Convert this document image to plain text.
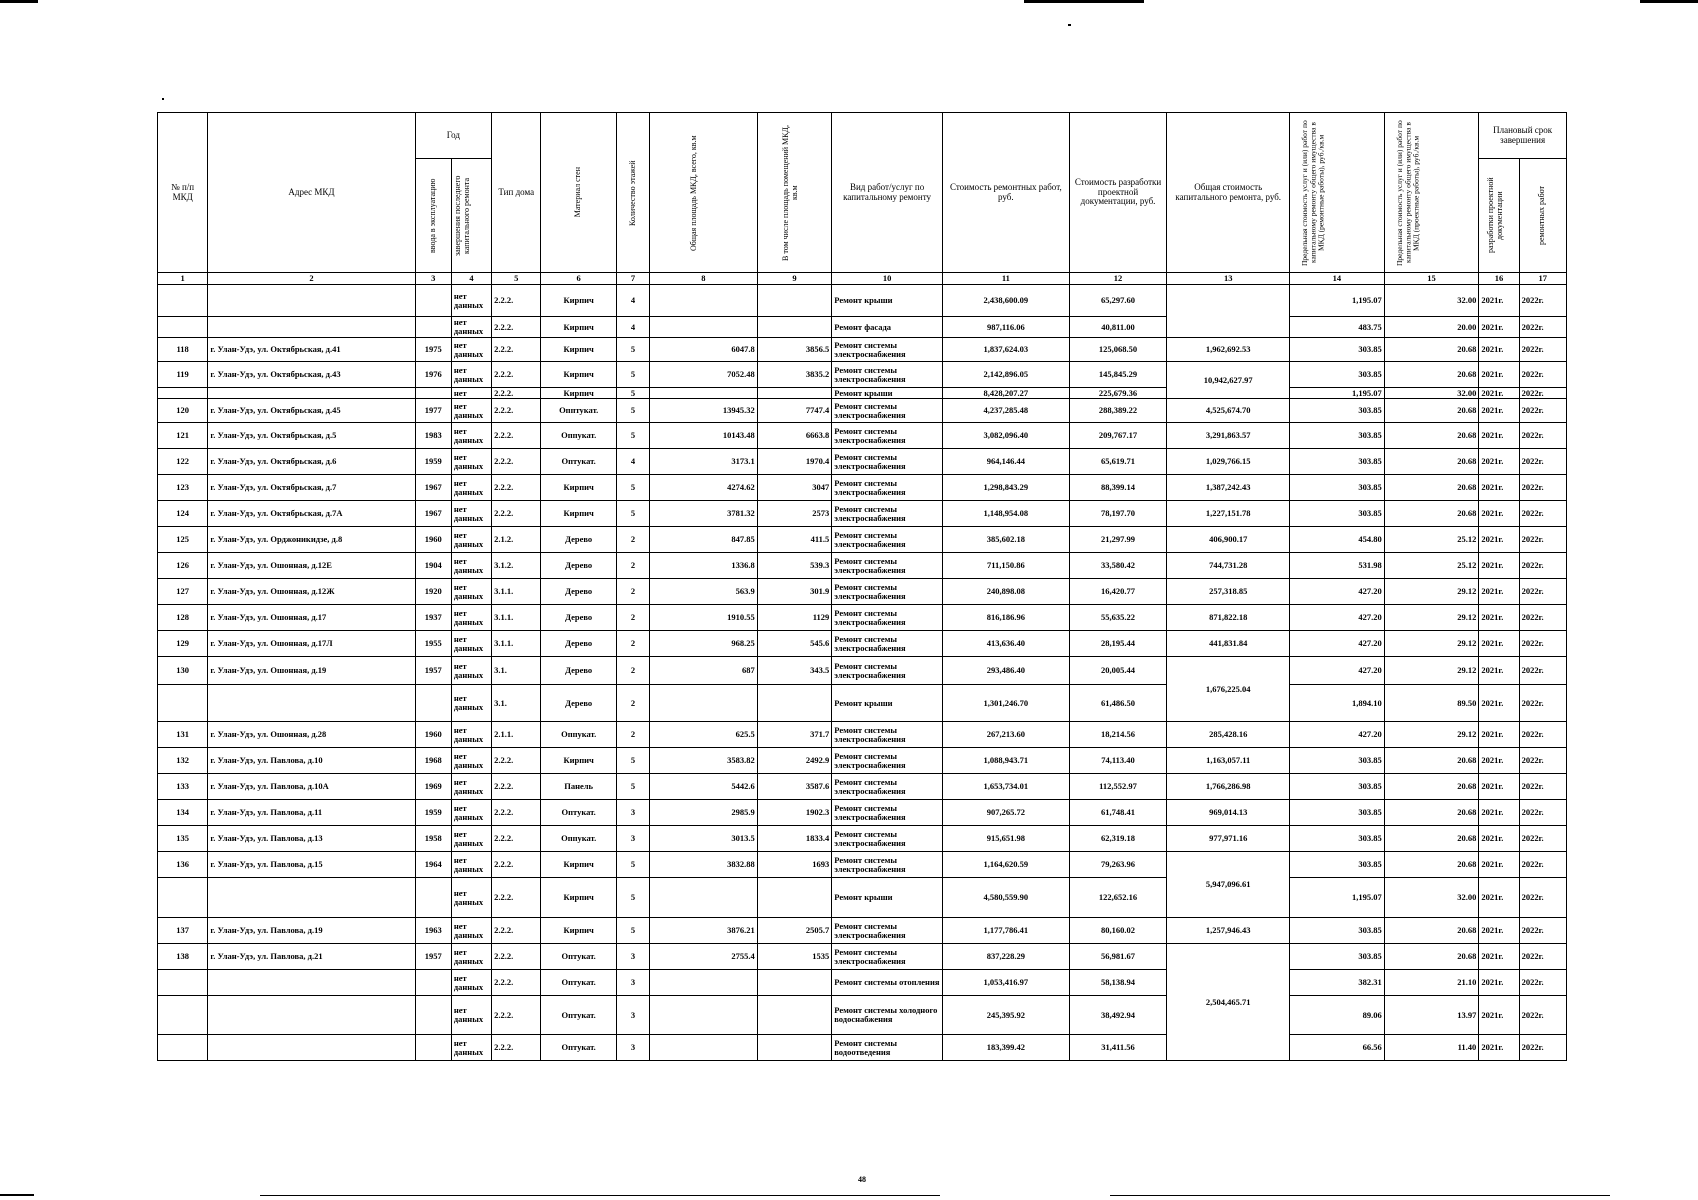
№ п/п МКД	Адрес МКД	Год		Тип дома	Материал стен	Количество этажей	Общая площадь МКД, всего, кв.м	В том числе площадь помещений МКД, кв.м	Вид работ/услуг по капитальному ремонту	Стоимость ремонтных работ, руб.	Стоимость разработки проектной документации, руб.	Общая стоимость капитального ремонта, руб.	Предельная стоимость услуг и (или) работ по капитальному ремонту общего имущества в МКД (ремонтные работы), руб./кв.м	Предельная стоимость услуг и (или) работ по капитальному ремонту общего имущества в МКД (проектные работы), руб./кв.м	Плановый срок завершения	

		ввода в эксплуатацию	завершения последнего капитального ремонта												разработки проектной документации	ремонтных работ

1	2	3	4	5	6	7	8	9	10	11	12	13	14	15	16	17
			нет данных	2.2.2.	Кирпич	4			Ремонт крыши	2,438,600.09	65,297.60		1,195.07	32.00	2021г.	2022г.
			нет данных	2.2.2.	Кирпич	4			Ремонт фасада	987,116.06	40,811.00		483.75	20.00	2021г.	2022г.
118	г. Улан-Удэ, ул. Октябрьская, д.41	1975	нет данных	2.2.2.	Кирпич	5	6047.8	3856.5	Ремонт системы электроснабжения	1,837,624.03	125,068.50	1,962,692.53	303.85	20.68	2021г.	2022г.
119	г. Улан-Удэ, ул. Октябрьская, д.43	1976	нет данных	2.2.2.	Кирпич	5	7052.48	3835.2	Ремонт системы электроснабжения	2,142,896.05	145,845.29	10,942,627.97	303.85	20.68	2021г.	2022г.
			нет	2.2.2.	Кирпич	5			Ремонт крыши	8,428,207.27	225,679.36		1,195.07	32.00	2021г.	2022г.
120	г. Улан-Удэ, ул. Октябрьская, д.45	1977	нет данных	2.2.2.	Опптукат.	5	13945.32	7747.4	Ремонт системы электроснабжения	4,237,285.48	288,389.22	4,525,674.70	303.85	20.68	2021г.	2022г.
121	г. Улан-Удэ, ул. Октябрьская, д.5	1983	нет данных	2.2.2.	Оппукат.	5	10143.48	6663.8	Ремонт системы электроснабжения	3,082,096.40	209,767.17	3,291,863.57	303.85	20.68	2021г.	2022г.
122	г. Улан-Удэ, ул. Октябрьская, д.6	1959	нет данных	2.2.2.	Оптукат.	4	3173.1	1970.4	Ремонт системы электроснабжения	964,146.44	65,619.71	1,029,766.15	303.85	20.68	2021г.	2022г.
123	г. Улан-Удэ, ул. Октябрьская, д.7	1967	нет данных	2.2.2.	Кирпич	5	4274.62	3047	Ремонт системы электроснабжения	1,298,843.29	88,399.14	1,387,242.43	303.85	20.68	2021г.	2022г.
124	г. Улан-Удэ, ул. Октябрьская, д.7А	1967	нет данных	2.2.2.	Кирпич	5	3781.32	2573	Ремонт системы электроснабжения	1,148,954.08	78,197.70	1,227,151.78	303.85	20.68	2021г.	2022г.
125	г. Улан-Удэ, ул. Орджоникидзе, д.8	1960	нет данных	2.1.2.	Дерево	2	847.85	411.5	Ремонт системы электроснабжения	385,602.18	21,297.99	406,900.17	454.80	25.12	2021г.	2022г.
126	г. Улан-Удэ, ул. Ошонная, д.12Е	1904	нет данных	3.1.2.	Дерево	2	1336.8	539.3	Ремонт системы электроснабжения	711,150.86	33,580.42	744,731.28	531.98	25.12	2021г.	2022г.
127	г. Улан-Удэ, ул. Ошонная, д.12Ж	1920	нет данных	3.1.1.	Дерево	2	563.9	301.9	Ремонт системы электроснабжения	240,898.08	16,420.77	257,318.85	427.20	29.12	2021г.	2022г.
128	г. Улан-Удэ, ул. Ошонная, д.17	1937	нет данных	3.1.1.	Дерево	2	1910.55	1129	Ремонт системы электроснабжения	816,186.96	55,635.22	871,822.18	427.20	29.12	2021г.	2022г.
129	г. Улан-Удэ, ул. Ошонная, д.17Л	1955	нет данных	3.1.1.	Дерево	2	968.25	545.6	Ремонт системы электроснабжения	413,636.40	28,195.44	441,831.84	427.20	29.12	2021г.	2022г.
130	г. Улан-Удэ, ул. Ошонная, д.19	1957	нет данных	3.1.	Дерево	2	687	343.5	Ремонт системы электроснабжения	293,486.40	20,005.44	1,676,225.04	427.20	29.12	2021г.	2022г.
			нет данных	3.1.	Дерево	2			Ремонт крыши	1,301,246.70	61,486.50		1,894.10	89.50	2021г.	2022г.
131	г. Улан-Удэ, ул. Ошонная, д.28	1960	нет данных	2.1.1.	Оппукат.	2	625.5	371.7	Ремонт системы электроснабжения	267,213.60	18,214.56	285,428.16	427.20	29.12	2021г.	2022г.
132	г. Улан-Удэ, ул. Павлова, д.10	1968	нет данных	2.2.2.	Кирпич	5	3583.82	2492.9	Ремонт системы электроснабжения	1,088,943.71	74,113.40	1,163,057.11	303.85	20.68	2021г.	2022г.
133	г. Улан-Удэ, ул. Павлова, д.10А	1969	нет данных	2.2.2.	Панель	5	5442.6	3587.6	Ремонт системы электроснабжения	1,653,734.01	112,552.97	1,766,286.98	303.85	20.68	2021г.	2022г.
134	г. Улан-Удэ, ул. Павлова, д.11	1959	нет данных	2.2.2.	Оптукат.	3	2985.9	1902.3	Ремонт системы электроснабжения	907,265.72	61,748.41	969,014.13	303.85	20.68	2021г.	2022г.
135	г. Улан-Удэ, ул. Павлова, д.13	1958	нет данных	2.2.2.	Оппукат.	3	3013.5	1833.4	Ремонт системы электроснабжения	915,651.98	62,319.18	977,971.16	303.85	20.68	2021г.	2022г.
136	г. Улан-Удэ, ул. Павлова, д.15	1964	нет данных	2.2.2.	Кирпич	5	3832.88	1693	Ремонт системы электроснабжения	1,164,620.59	79,263.96	5,947,096.61	303.85	20.68	2021г.	2022г.
			нет данных	2.2.2.	Кирпич	5			Ремонт крыши	4,580,559.90	122,652.16		1,195.07	32.00	2021г.	2022г.
137	г. Улан-Удэ, ул. Павлова, д.19	1963	нет данных	2.2.2.	Кирпич	5	3876.21	2505.7	Ремонт системы электроснабжения	1,177,786.41	80,160.02	1,257,946.43	303.85	20.68	2021г.	2022г.
138	г. Улан-Удэ, ул. Павлова, д.21	1957	нет данных	2.2.2.	Оптукат.	3	2755.4	1535	Ремонт системы электроснабжения	837,228.29	56,981.67	2,504,465.71	303.85	20.68	2021г.	2022г.
			нет данных	2.2.2.	Оптукат.	3			Ремонт системы отопления	1,053,416.97	58,138.94		382.31	21.10	2021г.	2022г.
			нет данных	2.2.2.	Оптукат.	3			Ремонт системы холодного водоснабжения	245,395.92	38,492.94		89.06	13.97	2021г.	2022г.
			нет данных	2.2.2.	Оптукат.	3			Ремонт системы водоотведения	183,399.42	31,411.56		66.56	11.40	2021г.	2022г.
48
